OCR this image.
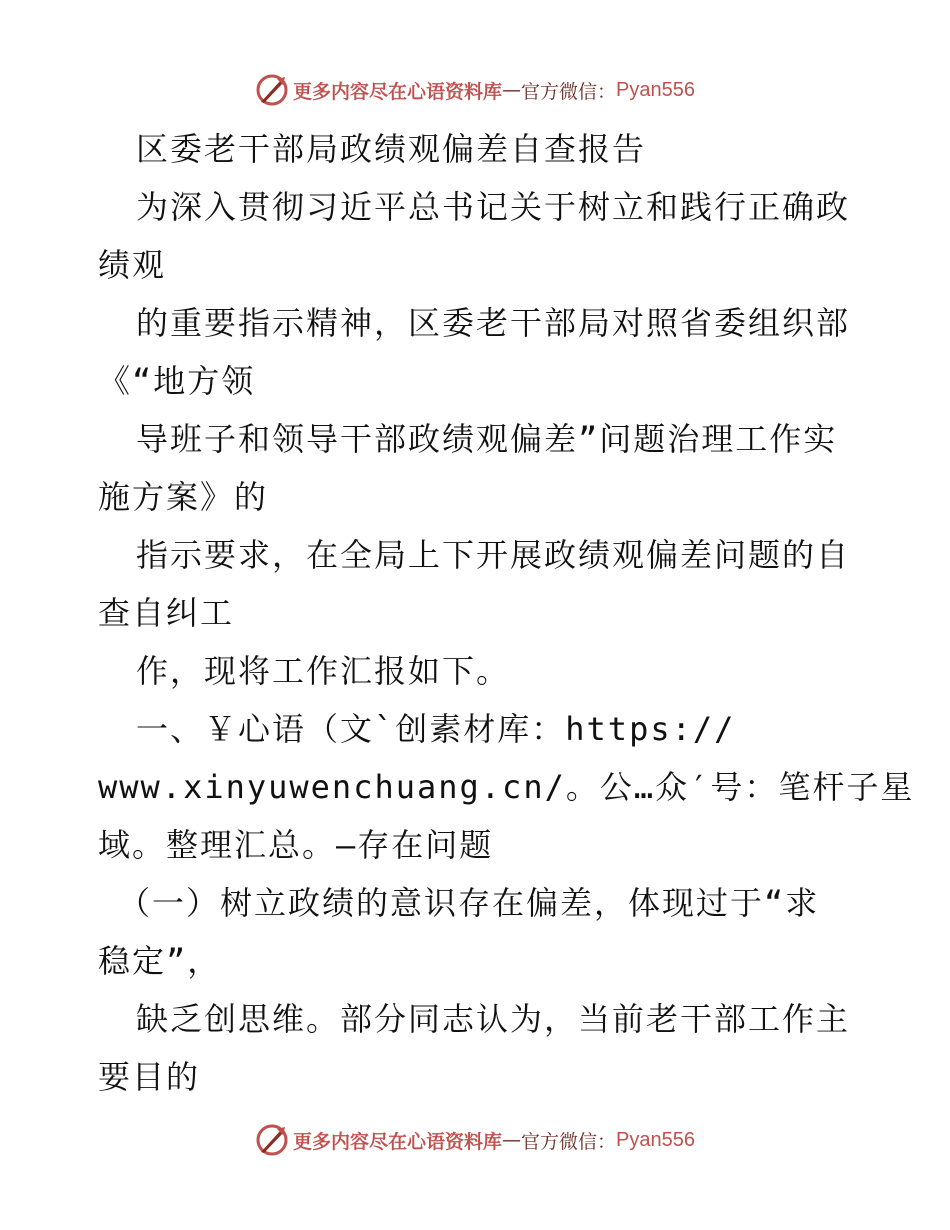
更多内容尽在心语资料库 — 官方微信： Pyan556
区委老干部局政绩观偏差自查报告
为深入贯彻习近平总书记关于树立和践行正确政
绩观
的重要指示精神，区委老干部局对照省委组织部
《“地方领
导班子和领导干部政绩观偏差”问题治理工作实
施方案》的
指示要求，在全局上下开展政绩观偏差问题的自
查自纠工
作，现将工作汇报如下。
一、￥心语（文`创素材库：https://
www.xinyuwenchuang.cn/。公…众′号：笔杆子星
域。整理汇总。—存在问题
（一）树立政绩的意识存在偏差，体现过于“求
稳定”，
缺乏创思维。部分同志认为，当前老干部工作主
要目的
更多内容尽在心语资料库 — 官方微信： Pyan556
